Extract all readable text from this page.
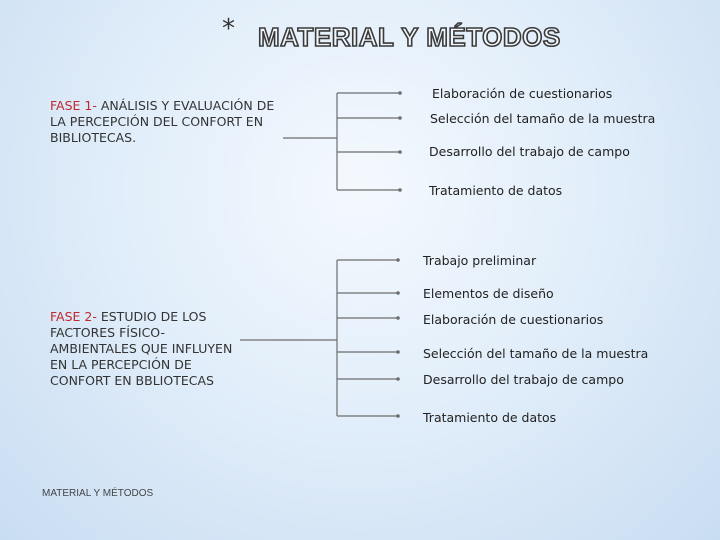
* MATERIAL Y MÉTODOS
FASE 1- ANÁLISIS Y EVALUACIÓN DE LA PERCEPCIÓN DEL CONFORT EN BIBLIOTECAS.
FASE 2- ESTUDIO DE LOS FACTORES FÍSICO-AMBIENTALES QUE INFLUYEN EN LA PERCEPCIÓN DE CONFORT EN BBLIOTECAS
Elaboración de cuestionarios
Selección del tamaño de la muestra
Desarrollo del trabajo de campo
Tratamiento de datos
Trabajo preliminar
Elementos de diseño
Elaboración de cuestionarios
Selección del tamaño de la muestra
Desarrollo del trabajo de campo
Tratamiento de datos
MATERIAL Y MÉTODOS
